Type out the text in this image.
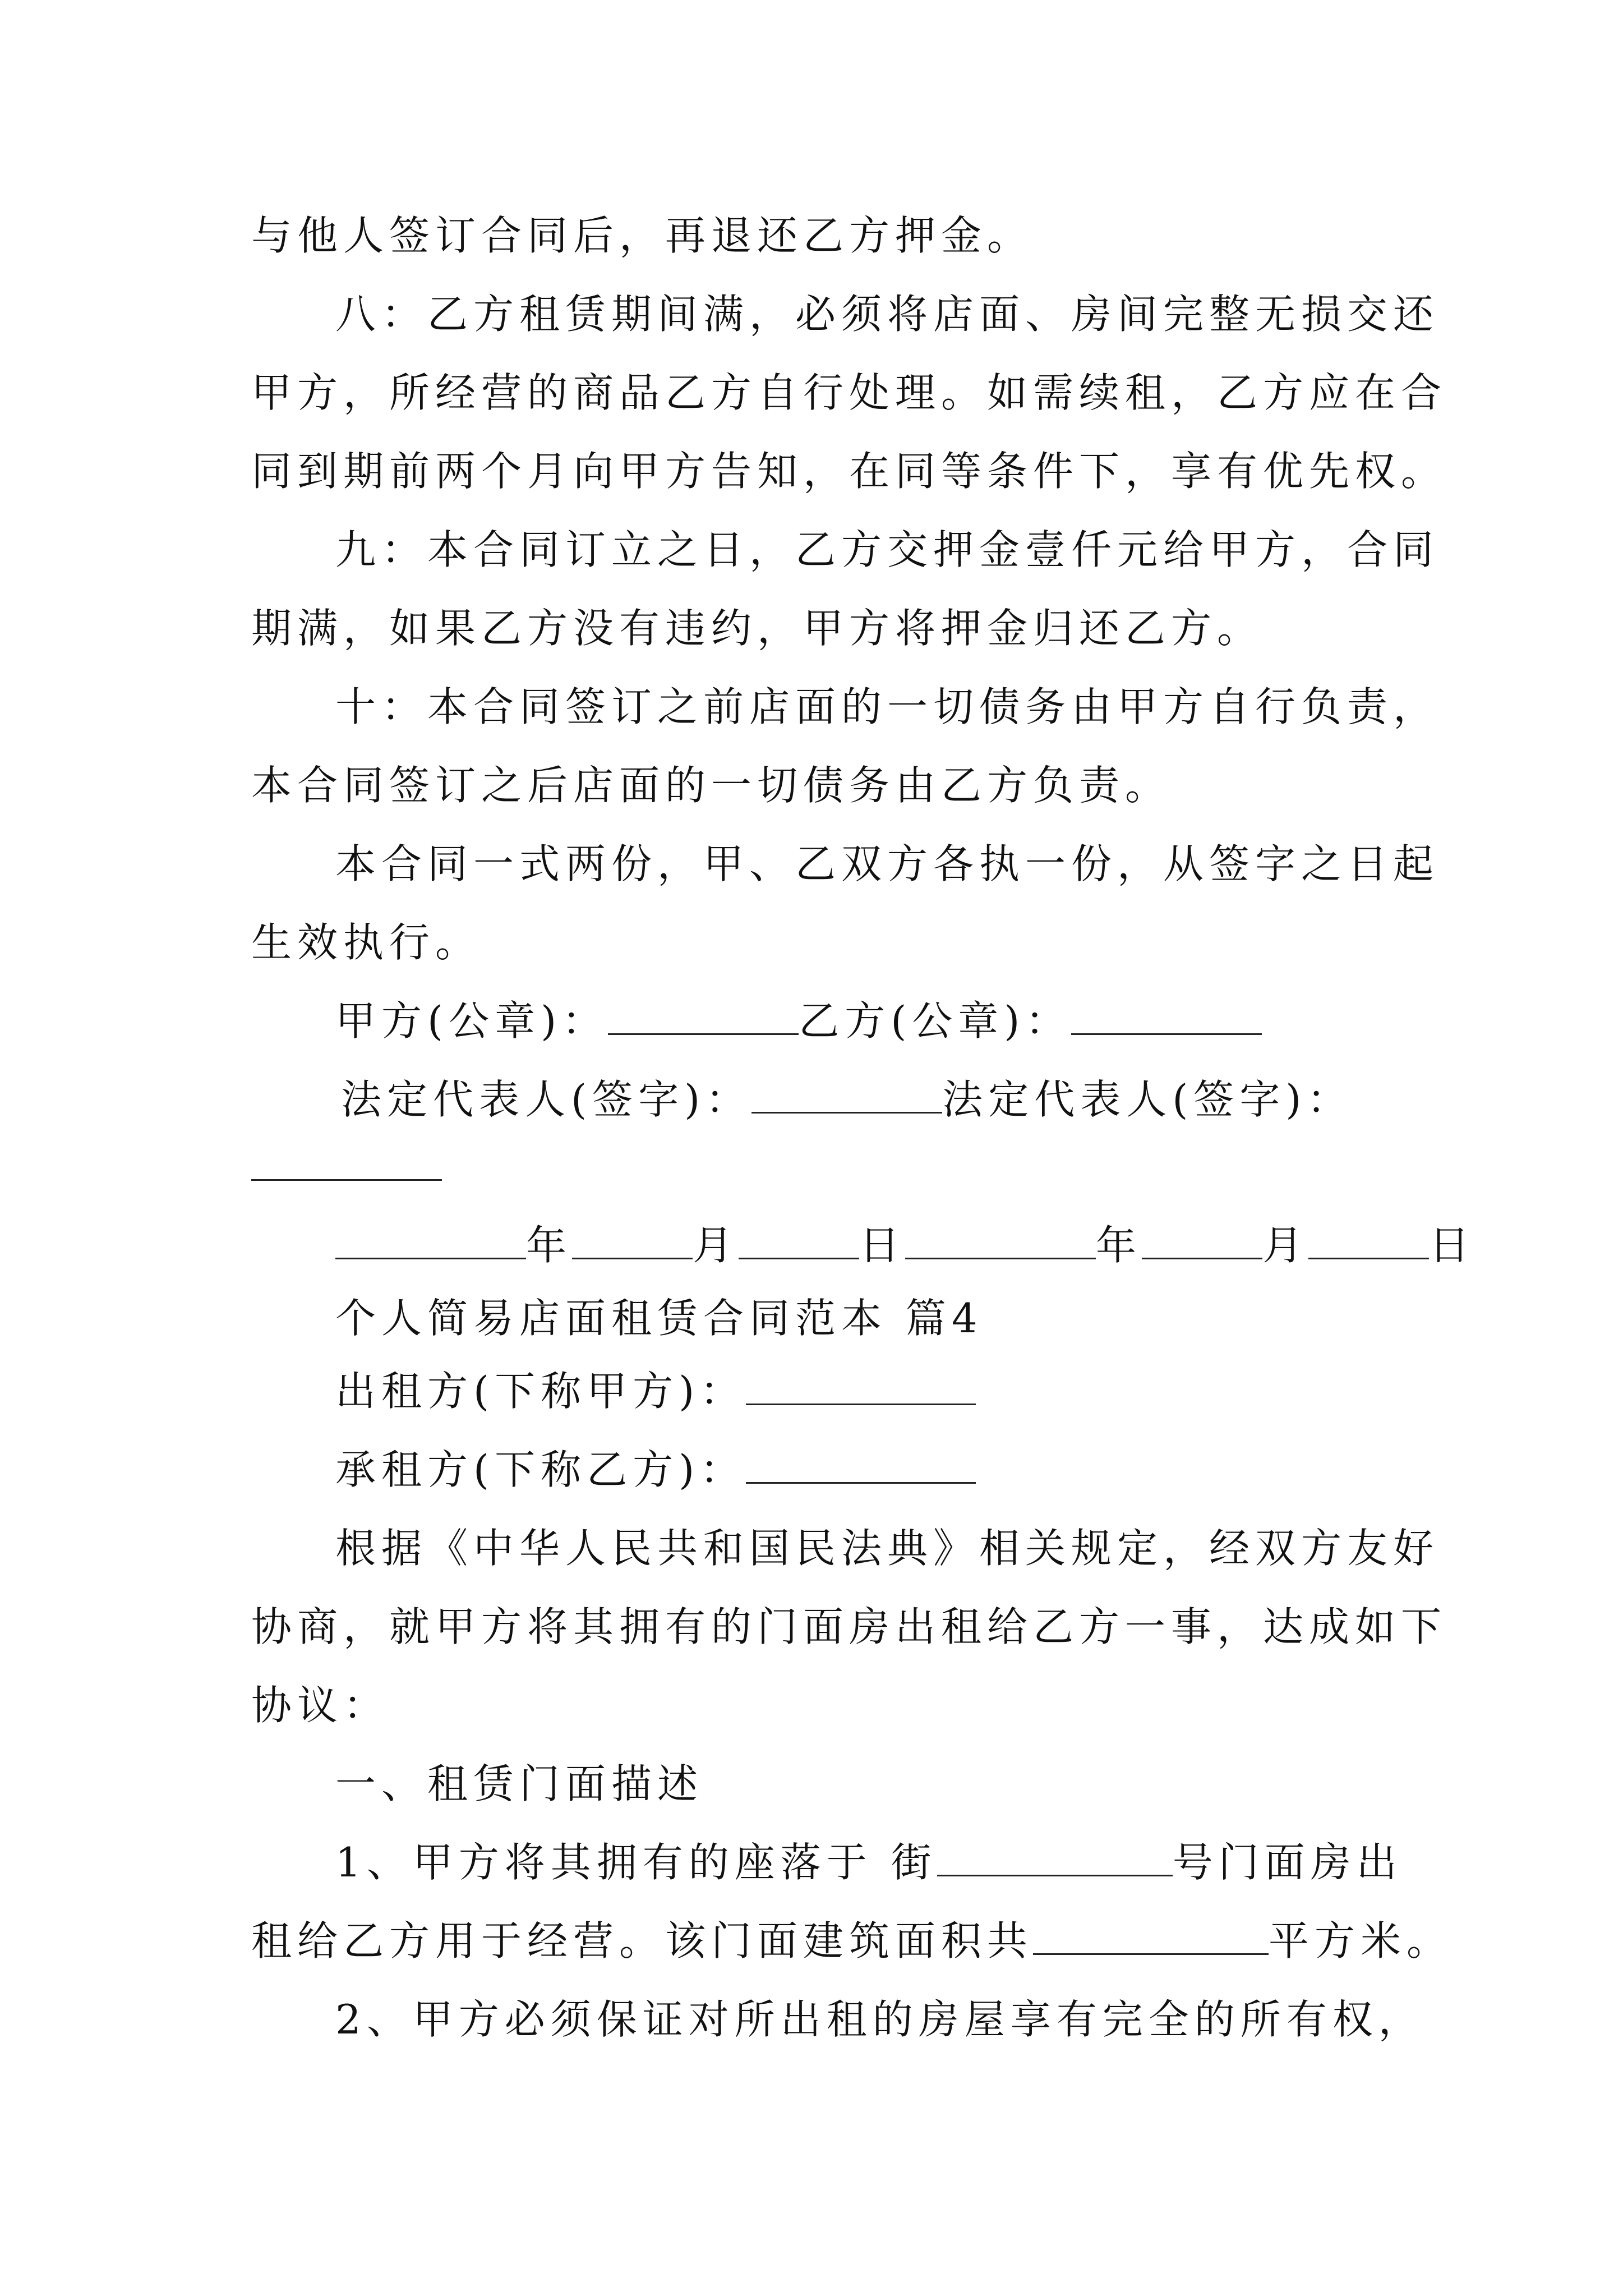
与他人签订合同后，再退还乙方押金。
八：乙方租赁期间满，必须将店面、房间完整无损交还
甲方，所经营的商品乙方自行处理。如需续租，乙方应在合
同到期前两个月向甲方告知，在同等条件下，享有优先权。
九：本合同订立之日，乙方交押金壹仟元给甲方，合同
期满，如果乙方没有违约，甲方将押金归还乙方。
十：本合同签订之前店面的一切债务由甲方自行负责，
本合同签订之后店面的一切债务由乙方负责。
本合同一式两份，甲、乙双方各执一份，从签字之日起
生效执行。
甲方(公章)：	乙方(公章)：
法定代表人(签字)：	法定代表人(签字)：
年	月	日	年	月	日
个人简易店面租赁合同范本 篇4
出租方(下称甲方)：
承租方(下称乙方)：
根据《中华人民共和国民法典》相关规定，经双方友好
协商，就甲方将其拥有的门面房出租给乙方一事，达成如下
协议：
一、租赁门面描述
1、甲方将其拥有的座落于 街	号门面房出
租给乙方用于经营。该门面建筑面积共	平方米。
2、甲方必须保证对所出租的房屋享有完全的所有权，
